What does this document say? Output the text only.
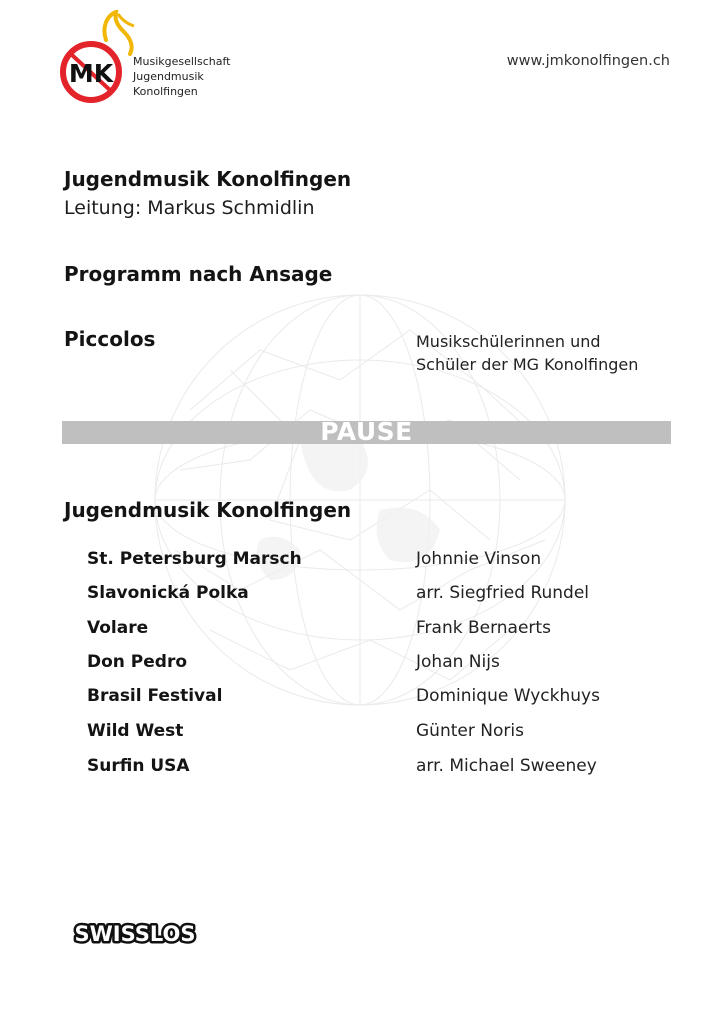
MK Musikgesellschaft
Jugendmusik
Konolfingen
www.jmkonolfingen.ch
Jugendmusik Konolfingen
Leitung: Markus Schmidlin
Programm nach Ansage
Piccolos	Musikschülerinnen und
Schüler der MG Konolfingen
PAUSE
Jugendmusik Konolfingen
St. Petersburg Marsch	Johnnie Vinson
Slavonická Polka	arr. Siegfried Rundel
Volare	Frank Bernaerts
Don Pedro	Johan Nijs
Brasil Festival	Dominique Wyckhuys
Wild West	Günter Noris
Surfin USA	arr. Michael Sweeney
SWISSLOS
